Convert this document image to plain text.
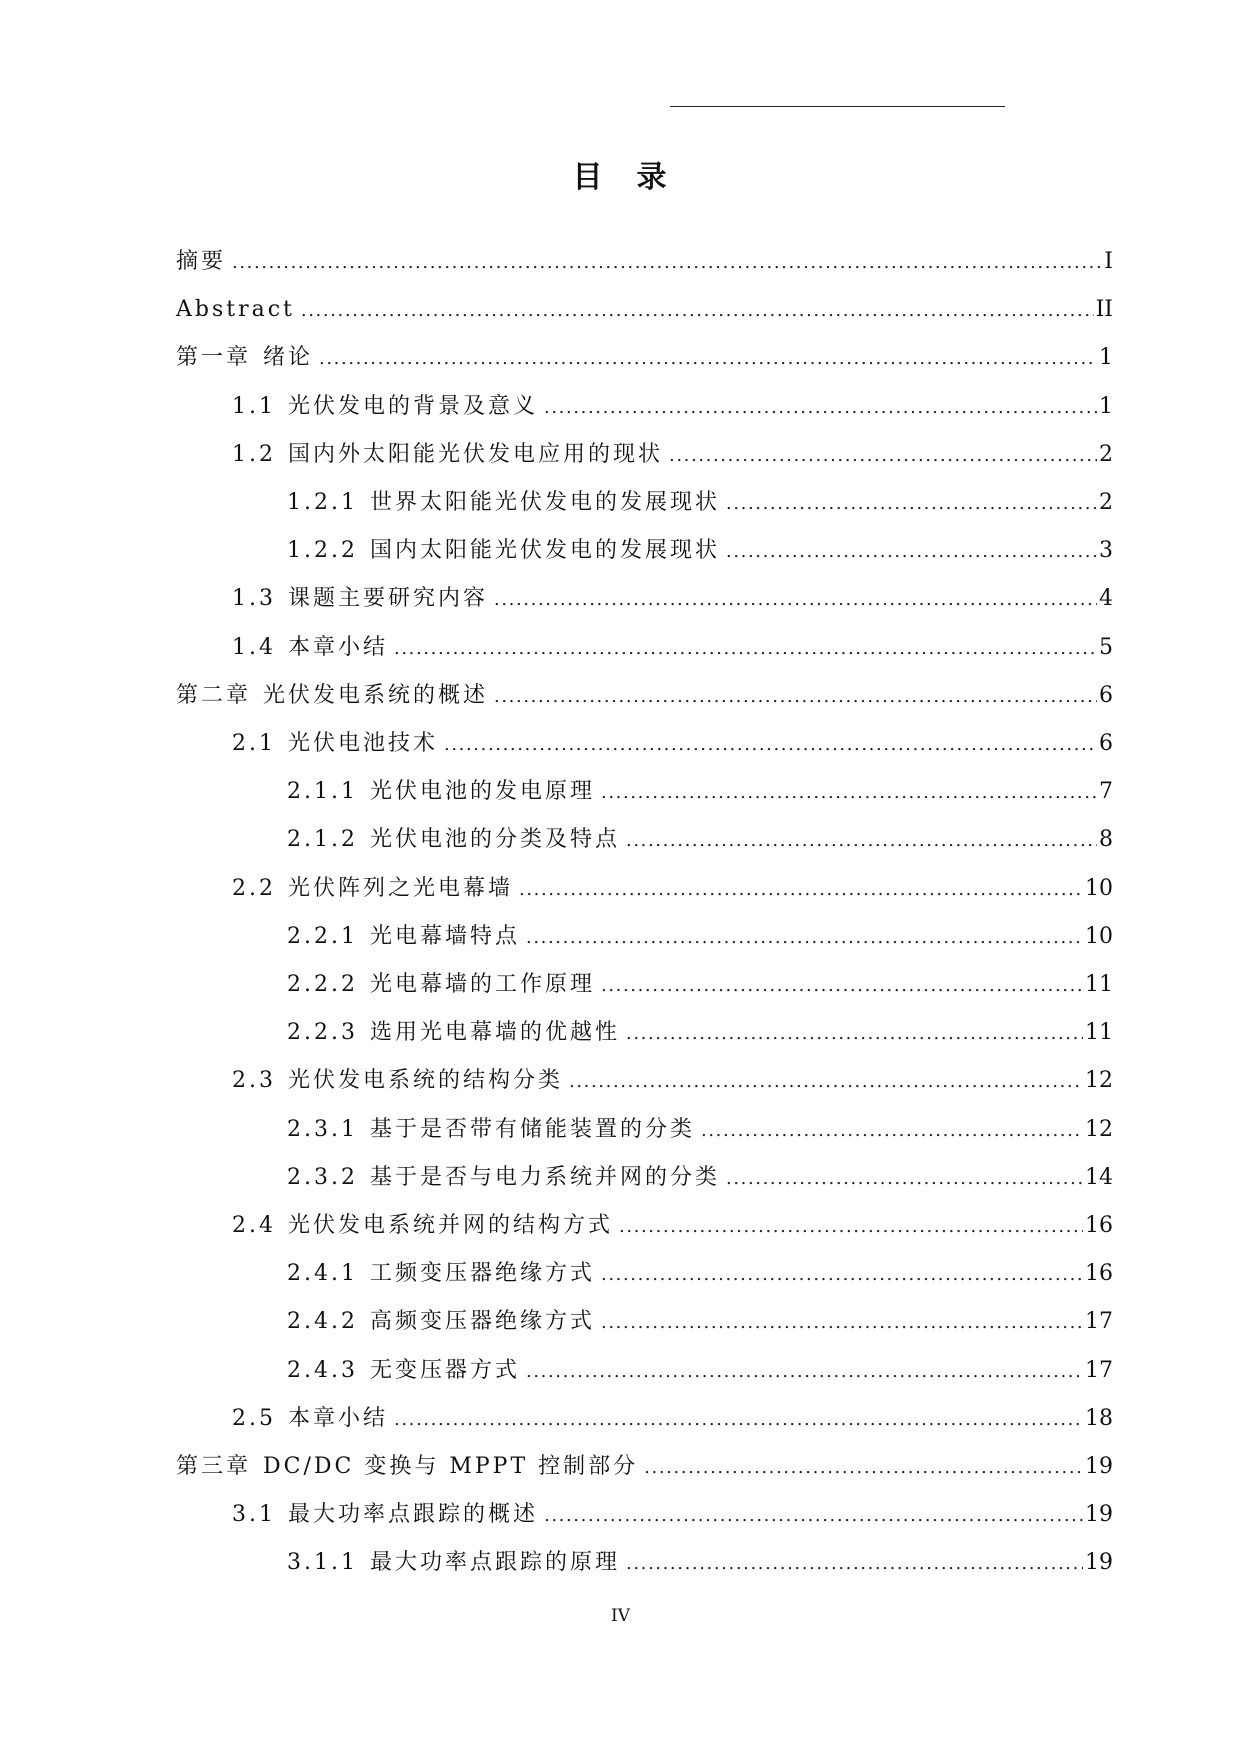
目　录
摘要 .....	I
Abstract .....	II
第一章 绪论 .....	1
1.1 光伏发电的背景及意义 .....	1
1.2 国内外太阳能光伏发电应用的现状 .....	2
1.2.1 世界太阳能光伏发电的发展现状 .....	2
1.2.2 国内太阳能光伏发电的发展现状 .....	3
1.3 课题主要研究内容 .....	4
1.4 本章小结 .....	5
第二章 光伏发电系统的概述 .....	6
2.1 光伏电池技术 .....	6
2.1.1 光伏电池的发电原理 .....	7
2.1.2 光伏电池的分类及特点 .....	8
2.2 光伏阵列之光电幕墙 .....	10
2.2.1 光电幕墙特点 .....	10
2.2.2 光电幕墙的工作原理 .....	11
2.2.3 选用光电幕墙的优越性 .....	11
2.3 光伏发电系统的结构分类 .....	12
2.3.1 基于是否带有储能装置的分类 .....	12
2.3.2 基于是否与电力系统并网的分类 .....	14
2.4 光伏发电系统并网的结构方式 .....	16
2.4.1 工频变压器绝缘方式 .....	16
2.4.2 高频变压器绝缘方式 .....	17
2.4.3 无变压器方式 .....	17
2.5 本章小结 .....	18
第三章 DC/DC 变换与 MPPT 控制部分 .....	19
3.1 最大功率点跟踪的概述 .....	19
3.1.1 最大功率点跟踪的原理 .....	19
IV
